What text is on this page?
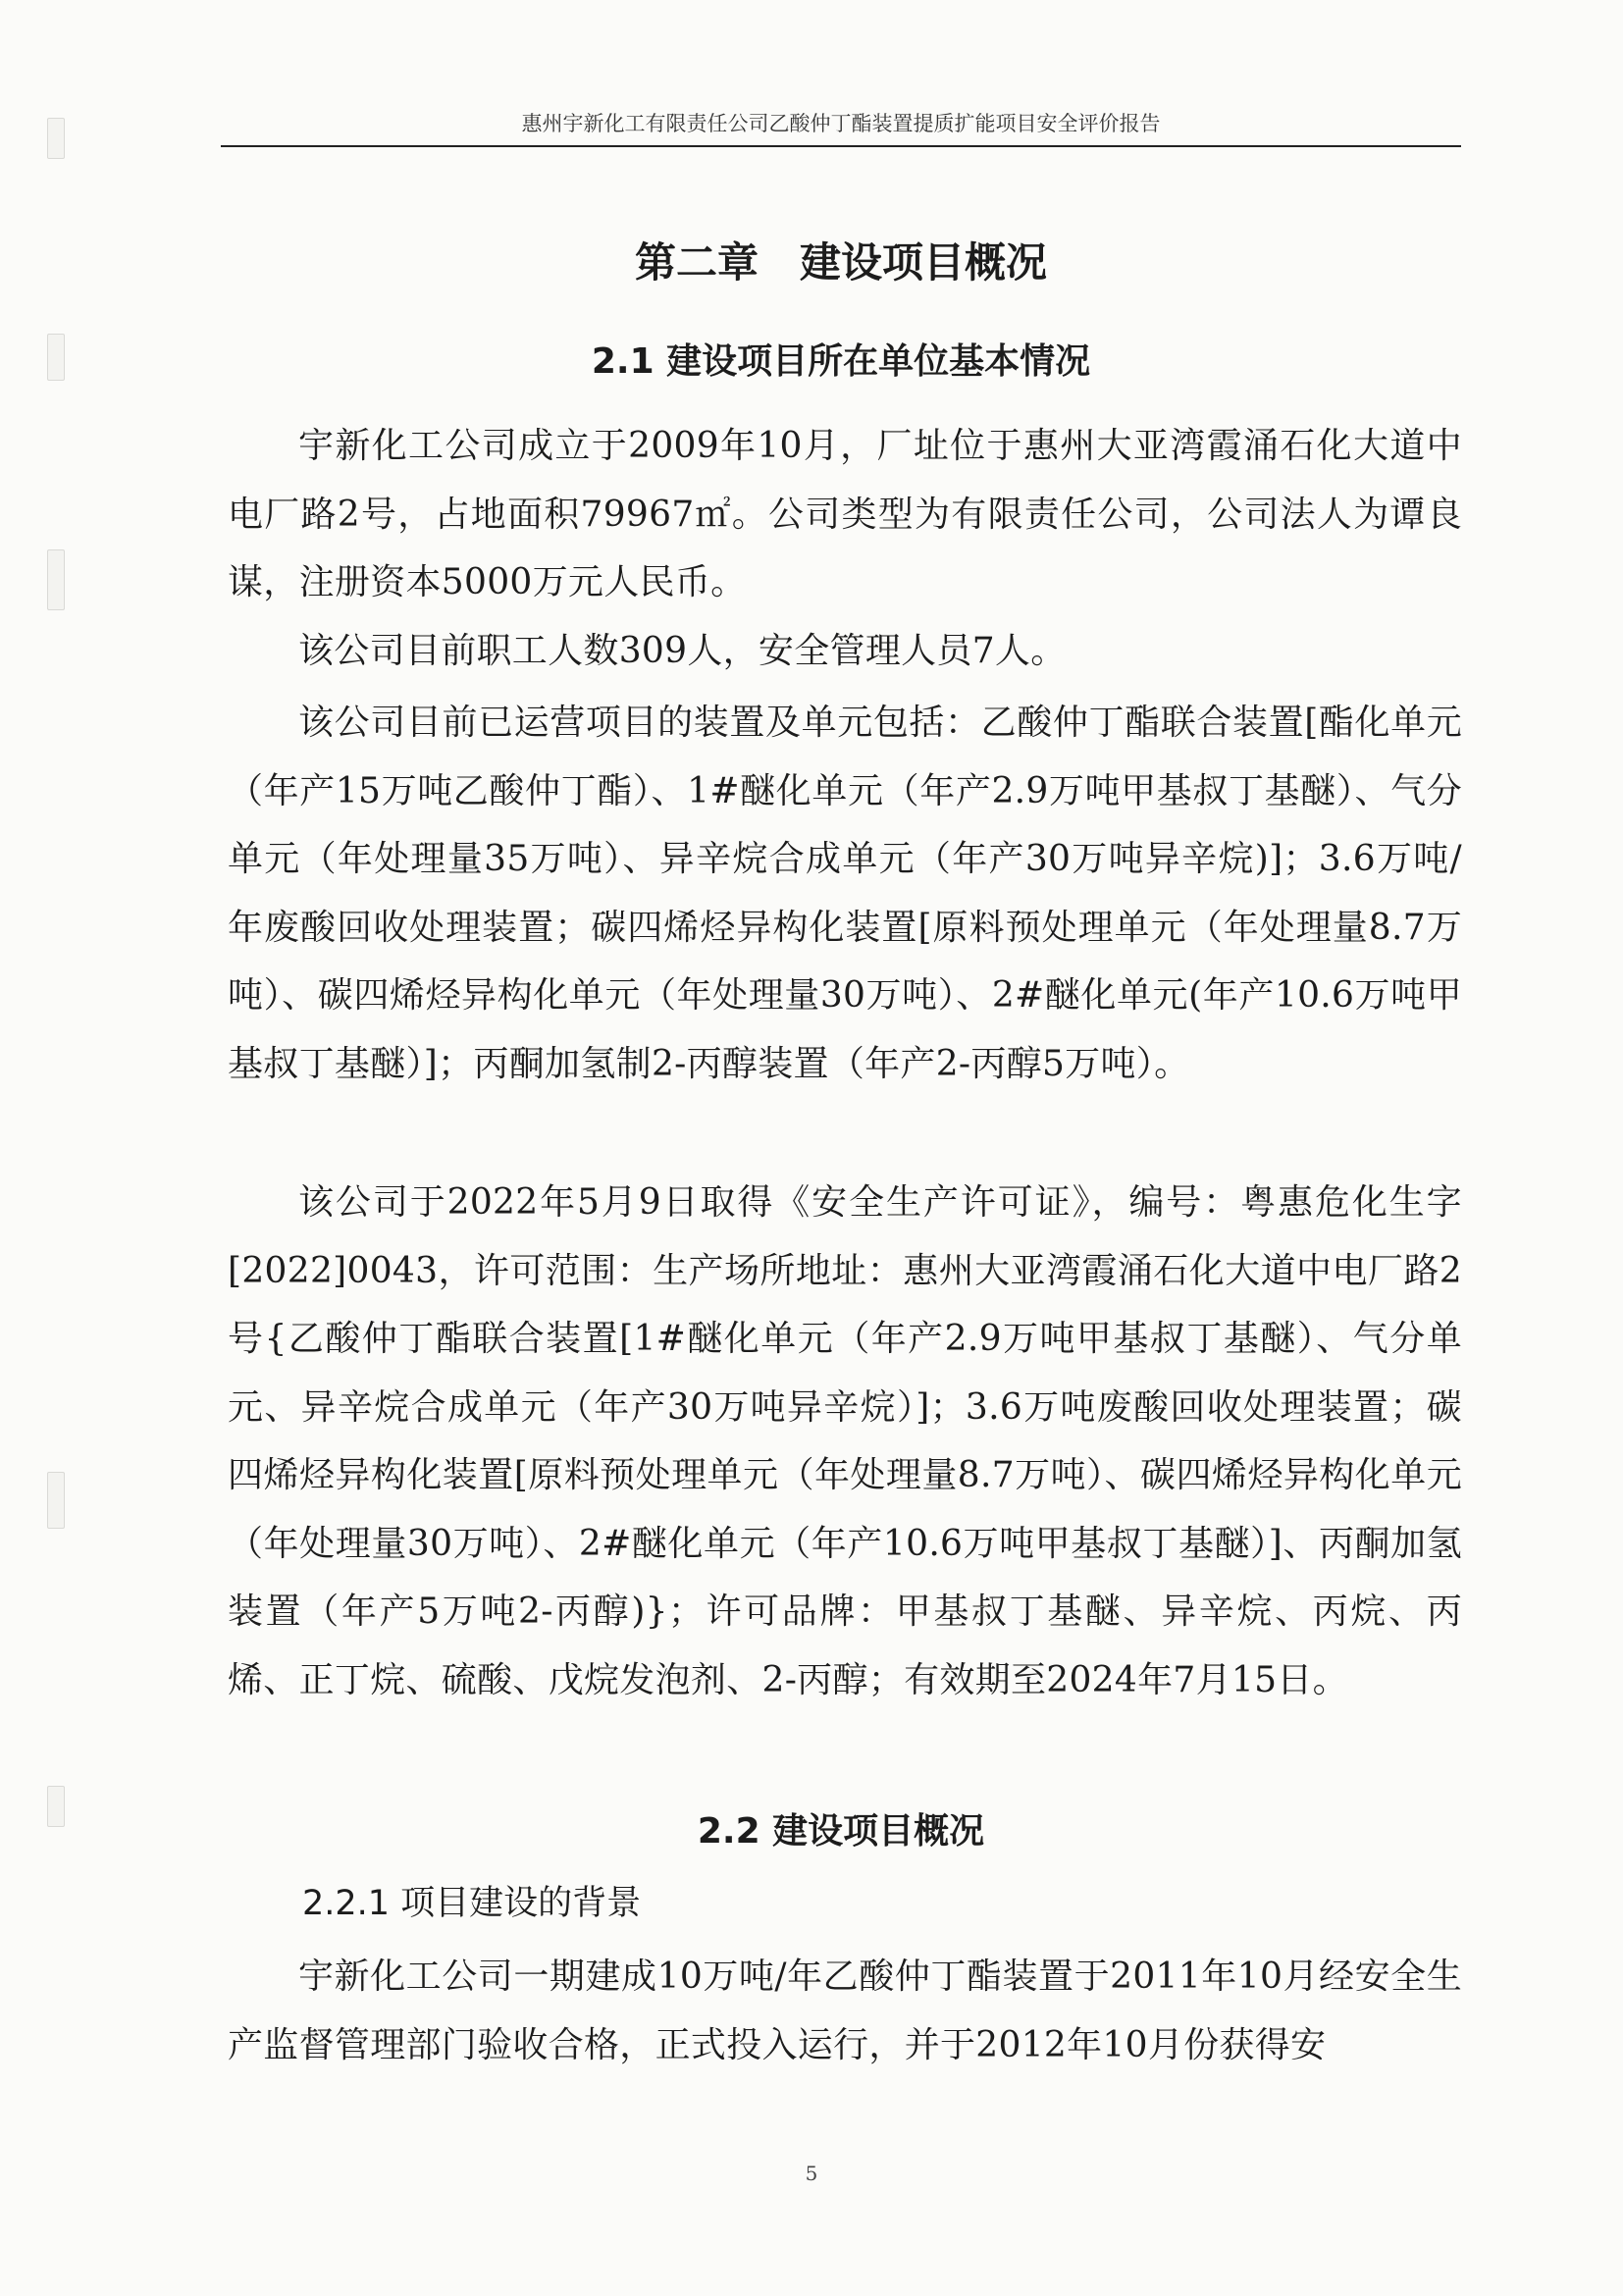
惠州宇新化工有限责任公司乙酸仲丁酯装置提质扩能项目安全评价报告
第二章　建设项目概况
2.1 建设项目所在单位基本情况

宇新化工公司成立于2009年10月，厂址位于惠州大亚湾霞涌石化大道中电厂路2号，占地面积79967㎡。公司类型为有限责任公司，公司法人为谭良谋，注册资本5000万元人民币。

该公司目前职工人数309人，安全管理人员7人。

该公司目前已运营项目的装置及单元包括：乙酸仲丁酯联合装置[酯化单元（年产15万吨乙酸仲丁酯）、1#醚化单元（年产2.9万吨甲基叔丁基醚）、气分单元（年处理量35万吨）、异辛烷合成单元（年产30万吨异辛烷)]；3.6万吨/年废酸回收处理装置；碳四烯烃异构化装置[原料预处理单元（年处理量8.7万吨）、碳四烯烃异构化单元（年处理量30万吨）、2#醚化单元(年产10.6万吨甲基叔丁基醚）]；丙酮加氢制2-丙醇装置（年产2-丙醇5万吨）。

该公司于2022年5月9日取得《安全生产许可证》，编号：粤惠危化生字[2022]0043，许可范围：生产场所地址：惠州大亚湾霞涌石化大道中电厂路2号{乙酸仲丁酯联合装置[1#醚化单元（年产2.9万吨甲基叔丁基醚）、气分单元、异辛烷合成单元（年产30万吨异辛烷）]；3.6万吨废酸回收处理装置；碳四烯烃异构化装置[原料预处理单元（年处理量8.7万吨）、碳四烯烃异构化单元（年处理量30万吨）、2#醚化单元（年产10.6万吨甲基叔丁基醚）]、丙酮加氢装置（年产5万吨2-丙醇)}；许可品牌：甲基叔丁基醚、异辛烷、丙烷、丙烯、正丁烷、硫酸、戊烷发泡剂、2-丙醇；有效期至2024年7月15日。

2.2 建设项目概况
2.2.1 项目建设的背景

宇新化工公司一期建成10万吨/年乙酸仲丁酯装置于2011年10月经安全生产监督管理部门验收合格，正式投入运行，并于2012年10月份获得安

5
